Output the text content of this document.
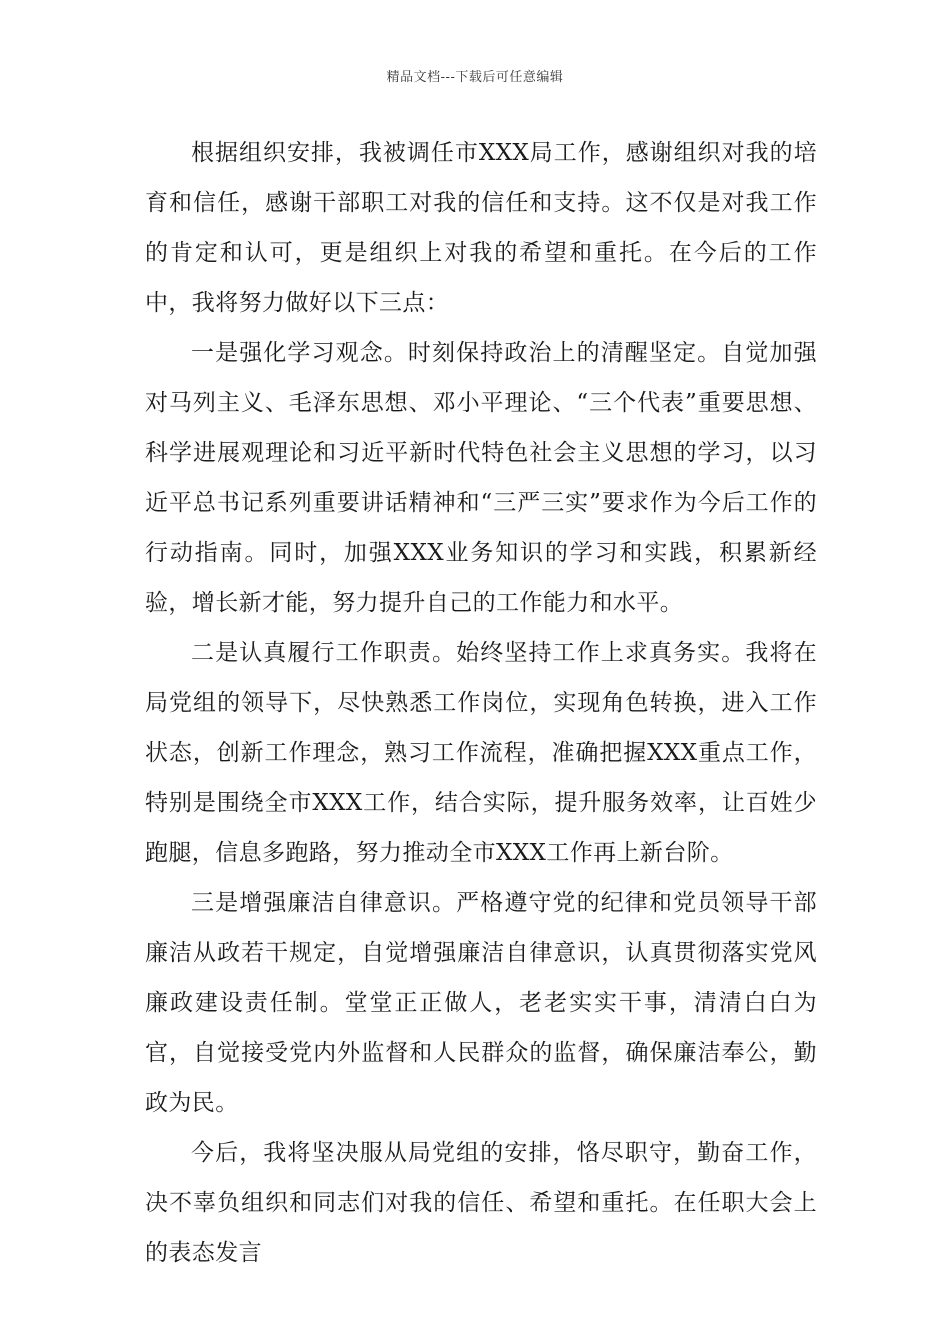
精品文档---下载后可任意编辑

根据组织安排，我被调任市XXX局工作，感谢组织对我的培育和信任，感谢干部职工对我的信任和支持。这不仅是对我工作的肯定和认可，更是组织上对我的希望和重托。在今后的工作中，我将努力做好以下三点：

一是强化学习观念。时刻保持政治上的清醒坚定。自觉加强对马列主义、毛泽东思想、邓小平理论、“三个代表”重要思想、科学进展观理论和习近平新时代特色社会主义思想的学习，以习近平总书记系列重要讲话精神和“三严三实”要求作为今后工作的行动指南。同时，加强XXX业务知识的学习和实践，积累新经验，增长新才能，努力提升自己的工作能力和水平。

二是认真履行工作职责。始终坚持工作上求真务实。我将在局党组的领导下，尽快熟悉工作岗位，实现角色转换，进入工作状态，创新工作理念，熟习工作流程，准确把握XXX重点工作，特别是围绕全市XXX工作，结合实际，提升服务效率，让百姓少跑腿，信息多跑路，努力推动全市XXX工作再上新台阶。

三是增强廉洁自律意识。严格遵守党的纪律和党员领导干部廉洁从政若干规定，自觉增强廉洁自律意识，认真贯彻落实党风廉政建设责任制。堂堂正正做人，老老实实干事，清清白白为官，自觉接受党内外监督和人民群众的监督，确保廉洁奉公，勤政为民。

今后，我将坚决服从局党组的安排，恪尽职守，勤奋工作，决不辜负组织和同志们对我的信任、希望和重托。在任职大会上的表态发言
